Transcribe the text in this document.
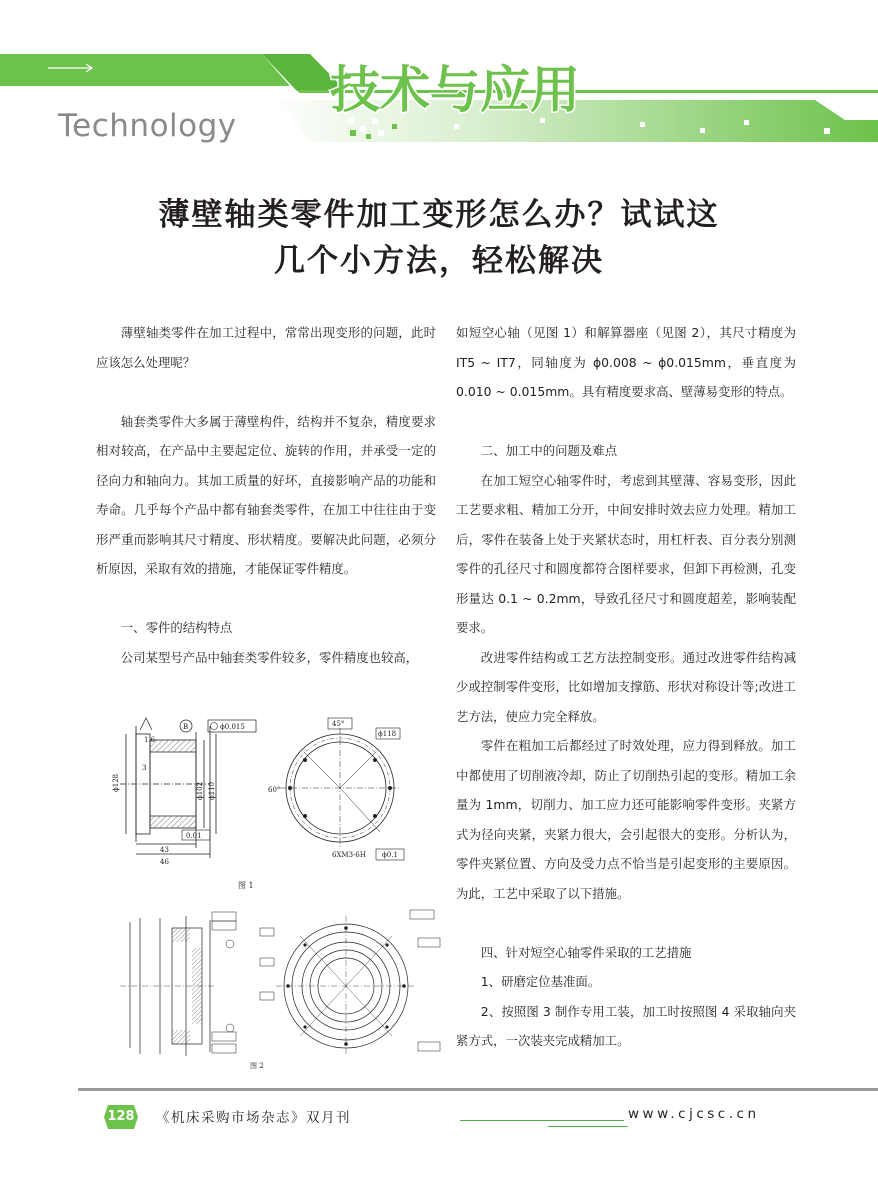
Technology
技术与应用
薄壁轴类零件加工变形怎么办？试试这
几个小方法，轻松解决

薄壁轴类零件在加工过程中，常常出现变形的问题，此时应该怎么处理呢？

轴套类零件大多属于薄壁构件，结构并不复杂，精度要求相对较高，在产品中主要起定位、旋转的作用，并承受一定的径向力和轴向力。其加工质量的好坏，直接影响产品的功能和寿命。几乎每个产品中都有轴套类零件，在加工中往往由于变形严重而影响其尺寸精度、形状精度。要解决此问题，必须分析原因，采取有效的措施，才能保证零件精度。

一、零件的结构特点

公司某型号产品中轴套类零件较多，零件精度也较高，

1.6
B	ϕ0.015
ϕ128
3
ϕ102 ϕ110
0.01
43
46
45°
ϕ118
60°
6XM3-6H ϕ0.1
图 1
图 2

如短空心轴（见图 1）和解算器座（见图 2），其尺寸精度为 IT5 ~ IT7，同轴度为 ϕ0.008 ~ ϕ0.015mm，垂直度为 0.010 ~ 0.015mm。具有精度要求高、壁薄易变形的特点。

二、加工中的问题及难点

在加工短空心轴零件时，考虑到其壁薄、容易变形，因此工艺要求粗、精加工分开，中间安排时效去应力处理。精加工后，零件在装备上处于夹紧状态时，用杠杆表、百分表分别测零件的孔径尺寸和圆度都符合图样要求，但卸下再检测，孔变形量达 0.1 ~ 0.2mm，导致孔径尺寸和圆度超差，影响装配要求。

改进零件结构或工艺方法控制变形。通过改进零件结构减少或控制零件变形，比如增加支撑筋、形状对称设计等;改进工艺方法，使应力完全释放。

零件在粗加工后都经过了时效处理，应力得到释放。加工中都使用了切削液冷却，防止了切削热引起的变形。精加工余量为 1mm，切削力、加工应力还可能影响零件变形。夹紧方式为径向夹紧，夹紧力很大，会引起很大的变形。分析认为，零件夹紧位置、方向及受力点不恰当是引起变形的主要原因。为此，工艺中采取了以下措施。

四、针对短空心轴零件采取的工艺措施

1、研磨定位基准面。

2、按照图 3 制作专用工装，加工时按照图 4 采取轴向夹紧方式，一次装夹完成精加工。

128 《机床采购市场杂志》双月刊	www.cjcsc.cn
